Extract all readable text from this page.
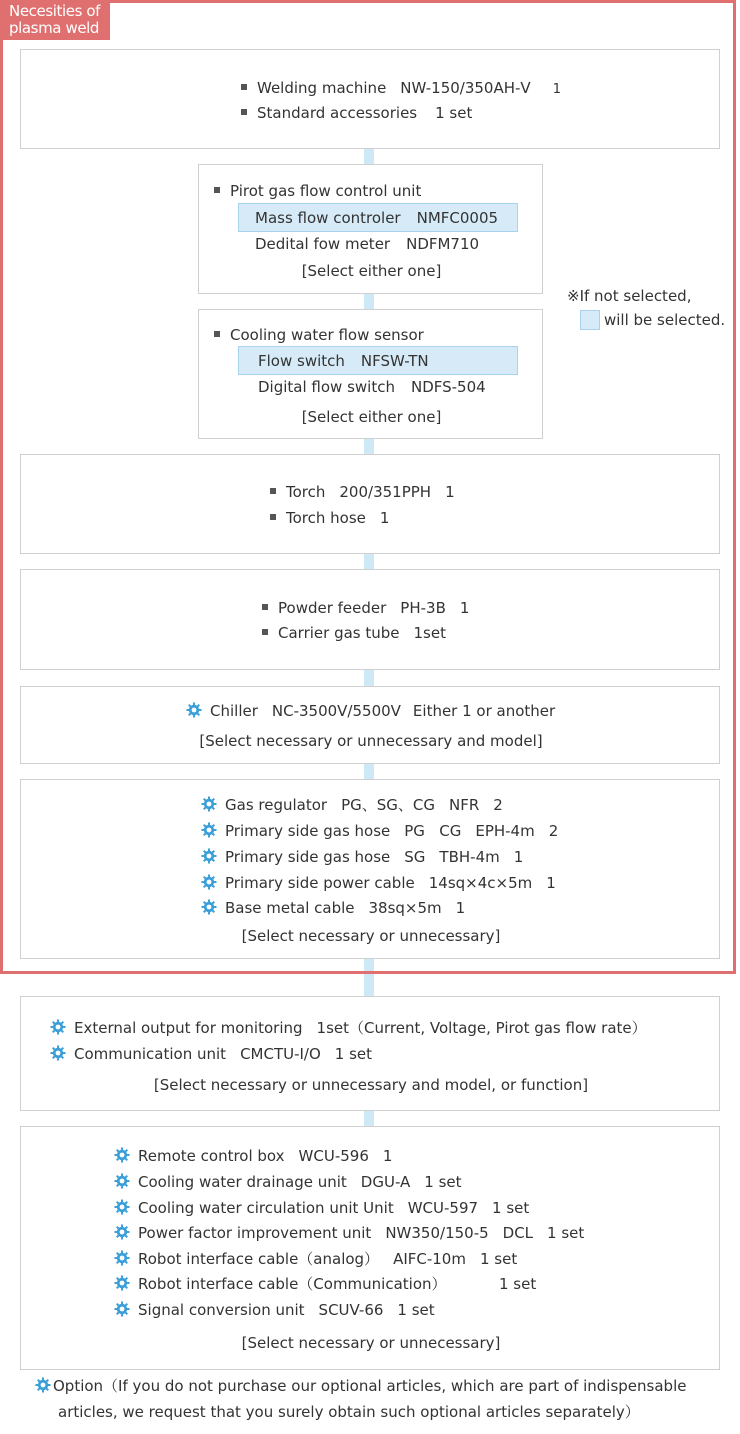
Necesities of
plasma weld
Welding machine NW-150/350AH-Ⅴ 1
Standard accessories 1 set
Pirot gas flow control unit
Mass flow controler NMFC0005
Dedital fow meter NDFM710
[Select either one]
※If not selected,
will be selected.
Cooling water flow sensor
Flow switch NFSW-TN
Digital flow switch NDFS-504
[Select either one]
Torch 200/351PPH 1
Torch hose 1
Powder feeder PH-3B 1
Carrier gas tube 1set
Chiller NC-3500V/5500V Either 1 or another
[Select necessary or unnecessary and model]
Gas regulator PG、SG、CG NFR 2
Primary side gas hose PG   CG EPH-4m 2
Primary side gas hose SG TBH-4m 1
Primary side power cable 14sq×4c×5m 1
Base metal cable 38sq×5m 1
[Select necessary or unnecessary]
External output for monitoring 1set（Current, Voltage, Pirot gas flow rate）
Communication unit CMCTU-I/O 1 set
[Select necessary or unnecessary and model, or function]
Remote control box WCU-596 1
Cooling water drainage unit DGU-A 1 set
Cooling water circulation unit Unit WCU-597 1 set
Power factor improvement unit NW350/150-5 DCL 1 set
Robot interface cable（analog） AIFC-10m 1 set
Robot interface cable（Communication）	1 set
Signal conversion unit SCUV-66 1 set
[Select necessary or unnecessary]
Option（If you do not purchase our optional articles, which are part of indispensable
articles, we request that you surely obtain such optional articles separately）
